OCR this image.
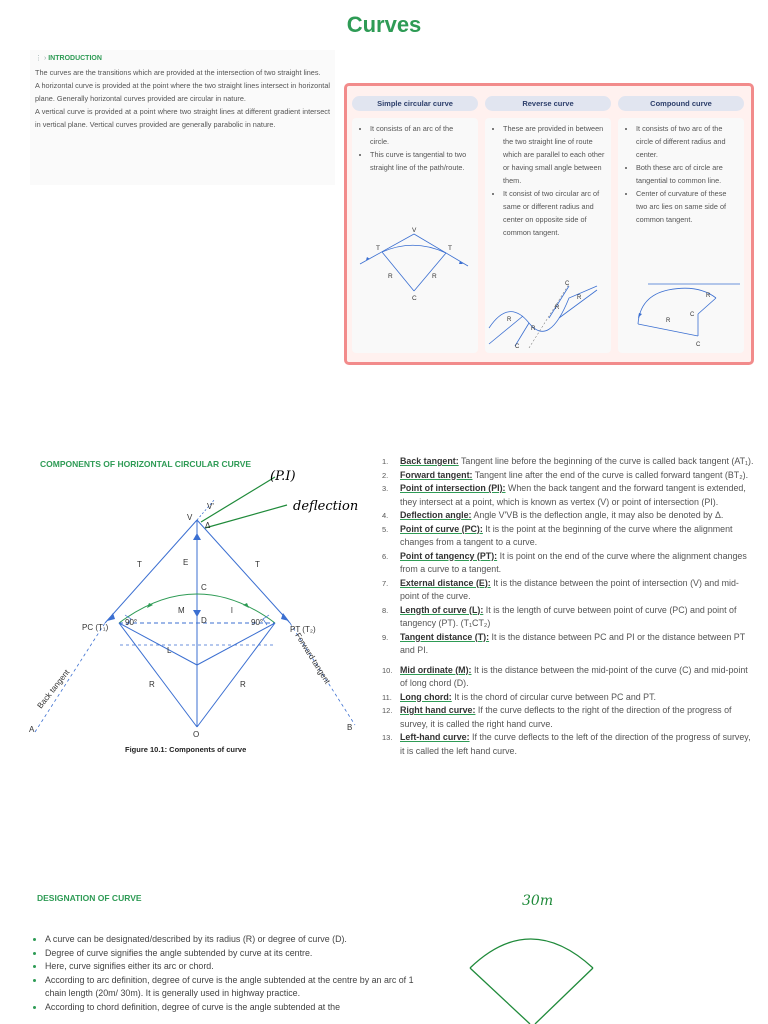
Curves
⋮ › INTRODUCTION

The curves are the transitions which are provided at the intersection of two straight lines.

A horizontal curve is provided at the point where the two straight lines intersect in horizontal plane. Generally horizontal curves provided are circular in nature.

A vertical curve is provided at a point where two straight lines at different gradient intersect in vertical plane. Vertical curves provided are generally parabolic in nature.

Simple circular curve
• It consists of an arc of the circle.
• This curve is tangential to two straight line of the path/route.
V
T	T
R	R
C
Reverse curve
• These are provided in between the two straight line of route which are parallel to each other or having small angle between them.
• It consist of two circular arc of same or different radius and center on opposite side of common tangent.
C
R
R
R
R
C
Compound curve
• It consists of two arc of the circle of different radius and center.
• Both these arc of circle are tangential to common line.
• Center of curvature of these two arc lies on same side of common tangent.
R
C
R
C
COMPONENTS OF HORIZONTAL CIRCULAR CURVE
V
V'
Δ
T	T
E
C
M	l
D
PC (T₁)	PT (T₂)
90°	90°
L
R	R
O
A	B
Back tangent
Forward tangent
(P.I)
deflection
Figure 10.1: Components of curve
1.	Back tangent: Tangent line before the beginning of the curve is called back tangent (AT₁).
2.	Forward tangent: Tangent line after the end of the curve is called forward tangent (BT₂).
3.	Point of intersection (PI): When the back tangent and the forward tangent is extended, they intersect at a point, which is known as vertex (V) or point of intersection (PI).
4.	Deflection angle: Angle V'VB is the deflection angle, it may also be denoted by Δ.
5.	Point of curve (PC): It is the point at the beginning of the curve where the alignment changes from a tangent to a curve.
6.	Point of tangency (PT): It is point on the end of the curve where the alignment changes from a curve to a tangent.
7.	External distance (E): It is the distance between the point of intersection (V) and mid-point of the curve.
8.	Length of curve (L): It is the length of curve between point of curve (PC) and point of tangency (PT). (T₁CT₂)
9.	Tangent distance (T): It is the distance between PC and PI or the distance between PT and PI.
10. Mid ordinate (M): It is the distance between the mid-point of the curve (C) and mid-point of long chord (D).
11. Long chord: It is the chord of circular curve between PC and PT.
12. Right hand curve: If the curve deflects to the right of the direction of the progress of survey, it is called the right hand curve.
13. Left-hand curve: If the curve deflects to the left of the direction of the progress of survey, it is called the left hand curve.
DESIGNATION OF CURVE	30m
• A curve can be designated/described by its radius (R) or degree of curve (D).
• Degree of curve signifies the angle subtended by curve at its centre.
• Here, curve signifies either its arc or chord.
• According to arc definition, degree of curve is the angle subtended at the centre by an arc of 1 chain length (20m/ 30m). It is generally used in highway practice.
• According to chord definition, degree of curve is the angle subtended at the
